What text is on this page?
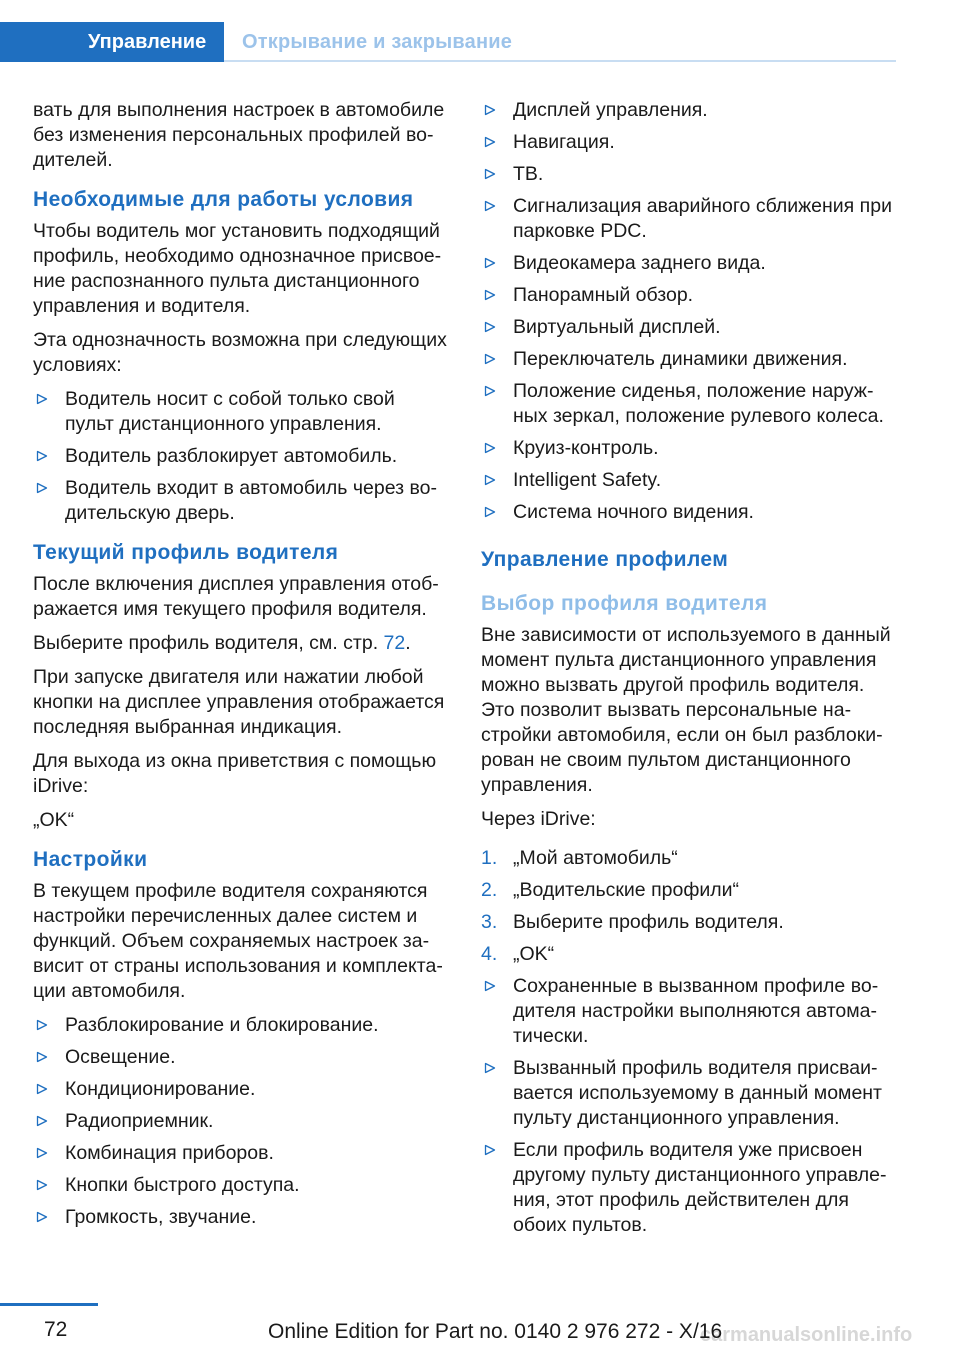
Управление	Открывание и закрывание

вать для выполнения настроек в автомобиле без изменения персональных профилей водителей.

Необходимые для работы условия

Чтобы водитель мог установить подходящий профиль, необходимо однозначное присвоение распознанного пульта дистанционного управления и водителя.

Эта однозначность возможна при следующих условиях:

Водитель носит с собой только свой пульт дистанционного управления.
Водитель разблокирует автомобиль.
Водитель входит в автомобиль через водительскую дверь.
Текущий профиль водителя

После включения дисплея управления отображается имя текущего профиля водителя.

Выберите профиль водителя, см. стр. 72.

При запуске двигателя или нажатии любой кнопки на дисплее управления отображается последняя выбранная индикация.

Для выхода из окна приветствия с помощью iDrive:

„OK“

Настройки

В текущем профиле водителя сохраняются настройки перечисленных далее систем и функций. Объем сохраняемых настроек зависит от страны использования и комплектации автомобиля.

Разблокирование и блокирование.
Освещение.
Кондиционирование.
Радиоприемник.
Комбинация приборов.
Кнопки быстрого доступа.
Громкость, звучание.
Дисплей управления.
Навигация.
ТВ.
Сигнализация аварийного сближения при парковке PDC.
Видеокамера заднего вида.
Панорамный обзор.
Виртуальный дисплей.
Переключатель динамики движения.
Положение сиденья, положение наружных зеркал, положение рулевого колеса.
Круиз-контроль.
Intelligent Safety.
Система ночного видения.
Управление профилем
Выбор профиля водителя

Вне зависимости от используемого в данный момент пульта дистанционного управления можно вызвать другой профиль водителя. Это позволит вызвать персональные настройки автомобиля, если он был разблокирован не своим пультом дистанционного управления.

Через iDrive:

1. „Мой автомобиль“
2. „Водительские профили“
3. Выберите профиль водителя.
4. „OK“
Сохраненные в вызванном профиле водителя настройки выполняются автоматически.
Вызванный профиль водителя присваивается используемому в данный момент пульту дистанционного управления.
Если профиль водителя уже присвоен другому пульту дистанционного управления, этот профиль действителен для обоих пультов.
72	carmanualsonline.info
Online Edition for Part no. 0140 2 976 272 - X/16
